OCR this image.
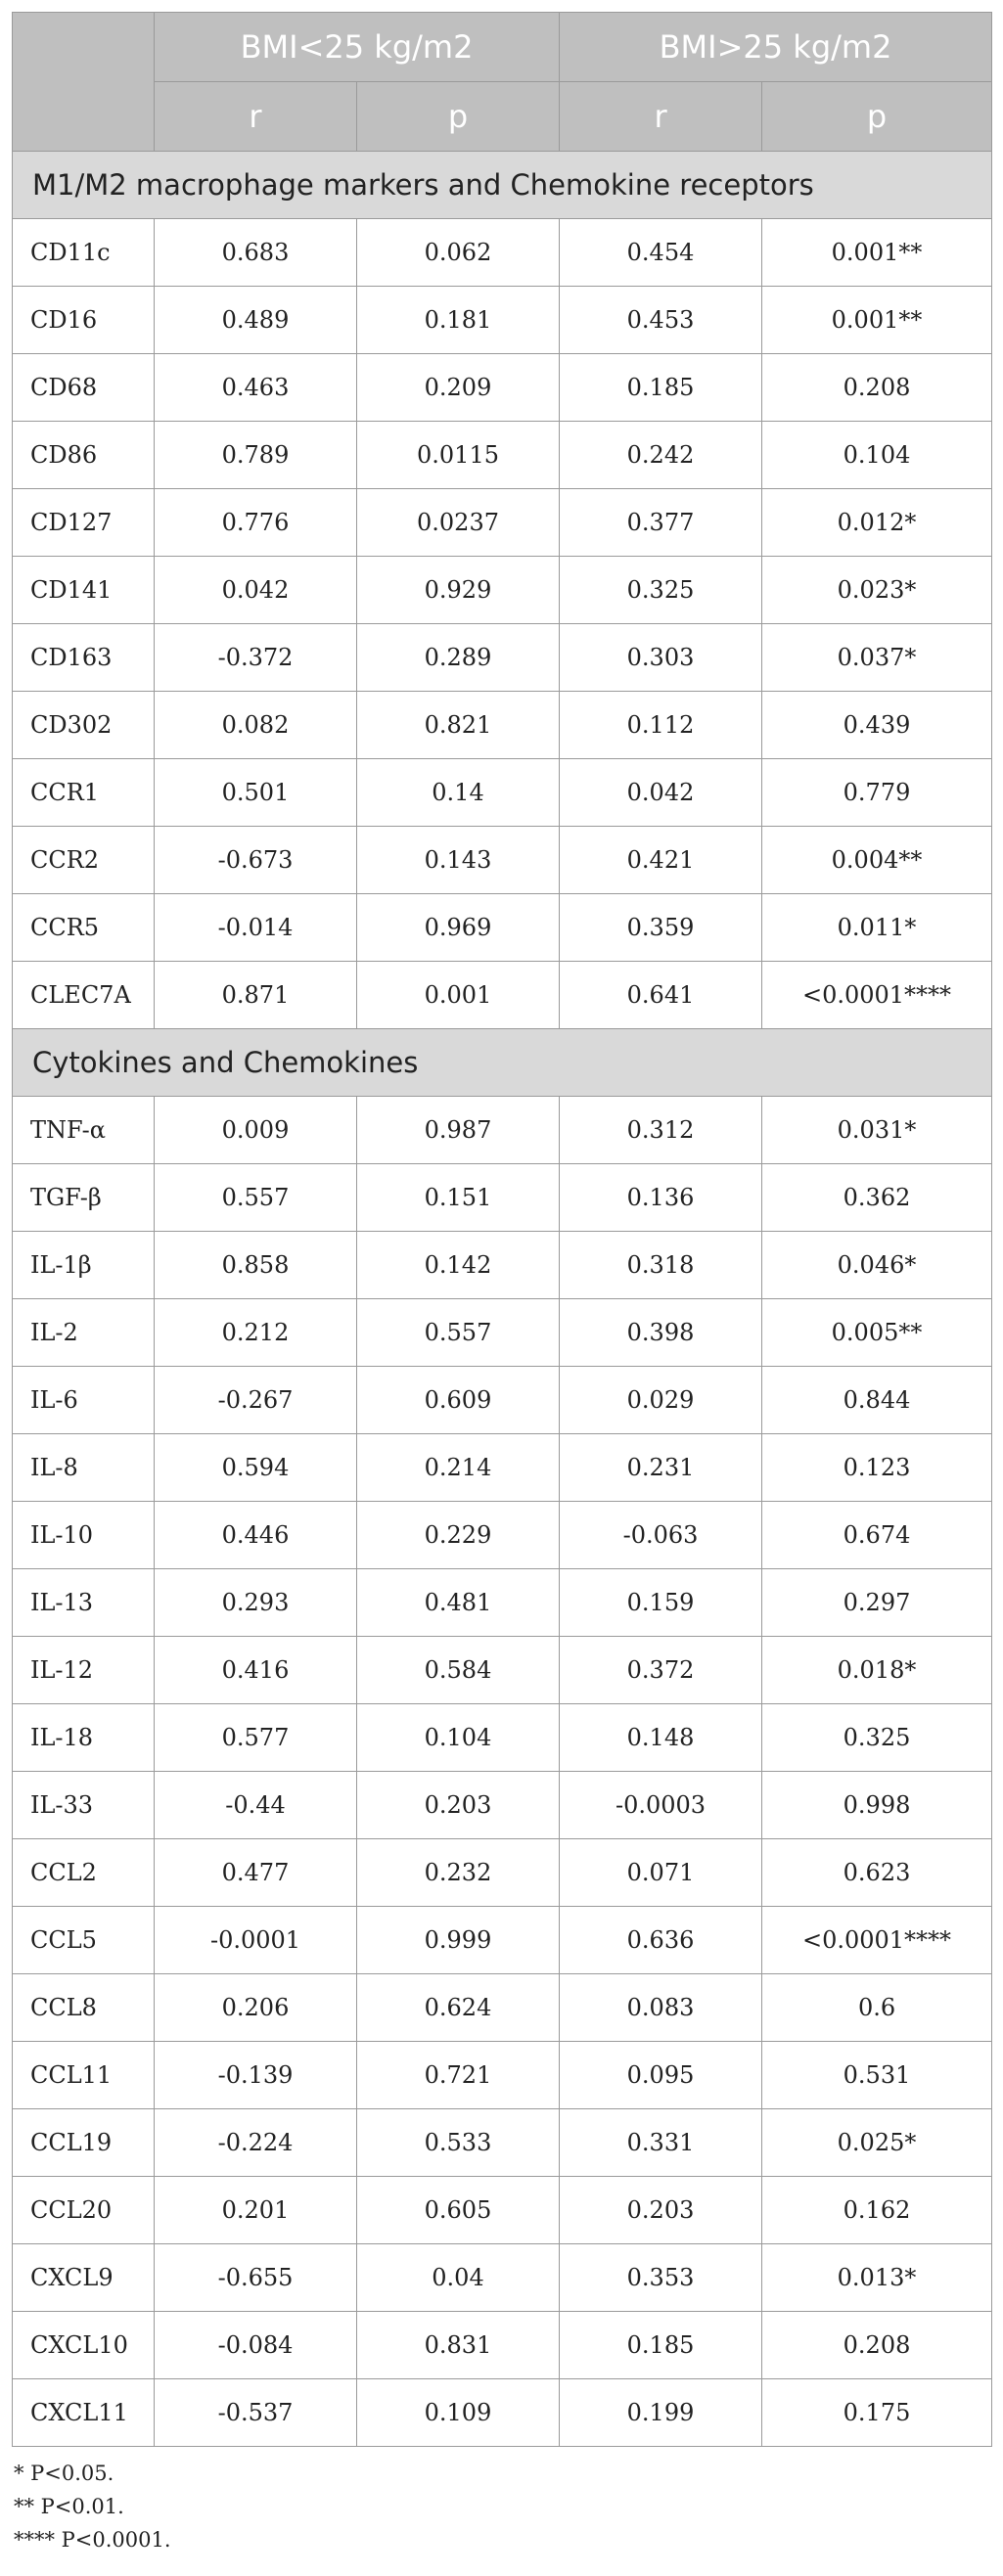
	BMI<25 kg/m2		BMI>25 kg/m2	
	r	p	r	p
M1/M2 macrophage markers and Chemokine receptors				
CD11c	0.683	0.062	0.454	0.001**
CD16	0.489	0.181	0.453	0.001**
CD68	0.463	0.209	0.185	0.208
CD86	0.789	0.0115	0.242	0.104
CD127	0.776	0.0237	0.377	0.012*
CD141	0.042	0.929	0.325	0.023*
CD163	-0.372	0.289	0.303	0.037*
CD302	0.082	0.821	0.112	0.439
CCR1	0.501	0.14	0.042	0.779
CCR2	-0.673	0.143	0.421	0.004**
CCR5	-0.014	0.969	0.359	0.011*
CLEC7A	0.871	0.001	0.641	<0.0001****
Cytokines and Chemokines				
TNF-α	0.009	0.987	0.312	0.031*
TGF-β	0.557	0.151	0.136	0.362
IL-1β	0.858	0.142	0.318	0.046*
IL-2	0.212	0.557	0.398	0.005**
IL-6	-0.267	0.609	0.029	0.844
IL-8	0.594	0.214	0.231	0.123
IL-10	0.446	0.229	-0.063	0.674
IL-13	0.293	0.481	0.159	0.297
IL-12	0.416	0.584	0.372	0.018*
IL-18	0.577	0.104	0.148	0.325
IL-33	-0.44	0.203	-0.0003	0.998
CCL2	0.477	0.232	0.071	0.623
CCL5	-0.0001	0.999	0.636	<0.0001****
CCL8	0.206	0.624	0.083	0.6
CCL11	-0.139	0.721	0.095	0.531
CCL19	-0.224	0.533	0.331	0.025*
CCL20	0.201	0.605	0.203	0.162
CXCL9	-0.655	0.04	0.353	0.013*
CXCL10	-0.084	0.831	0.185	0.208
CXCL11	-0.537	0.109	0.199	0.175
* P<0.05.
** P<0.01.
**** P<0.0001.
